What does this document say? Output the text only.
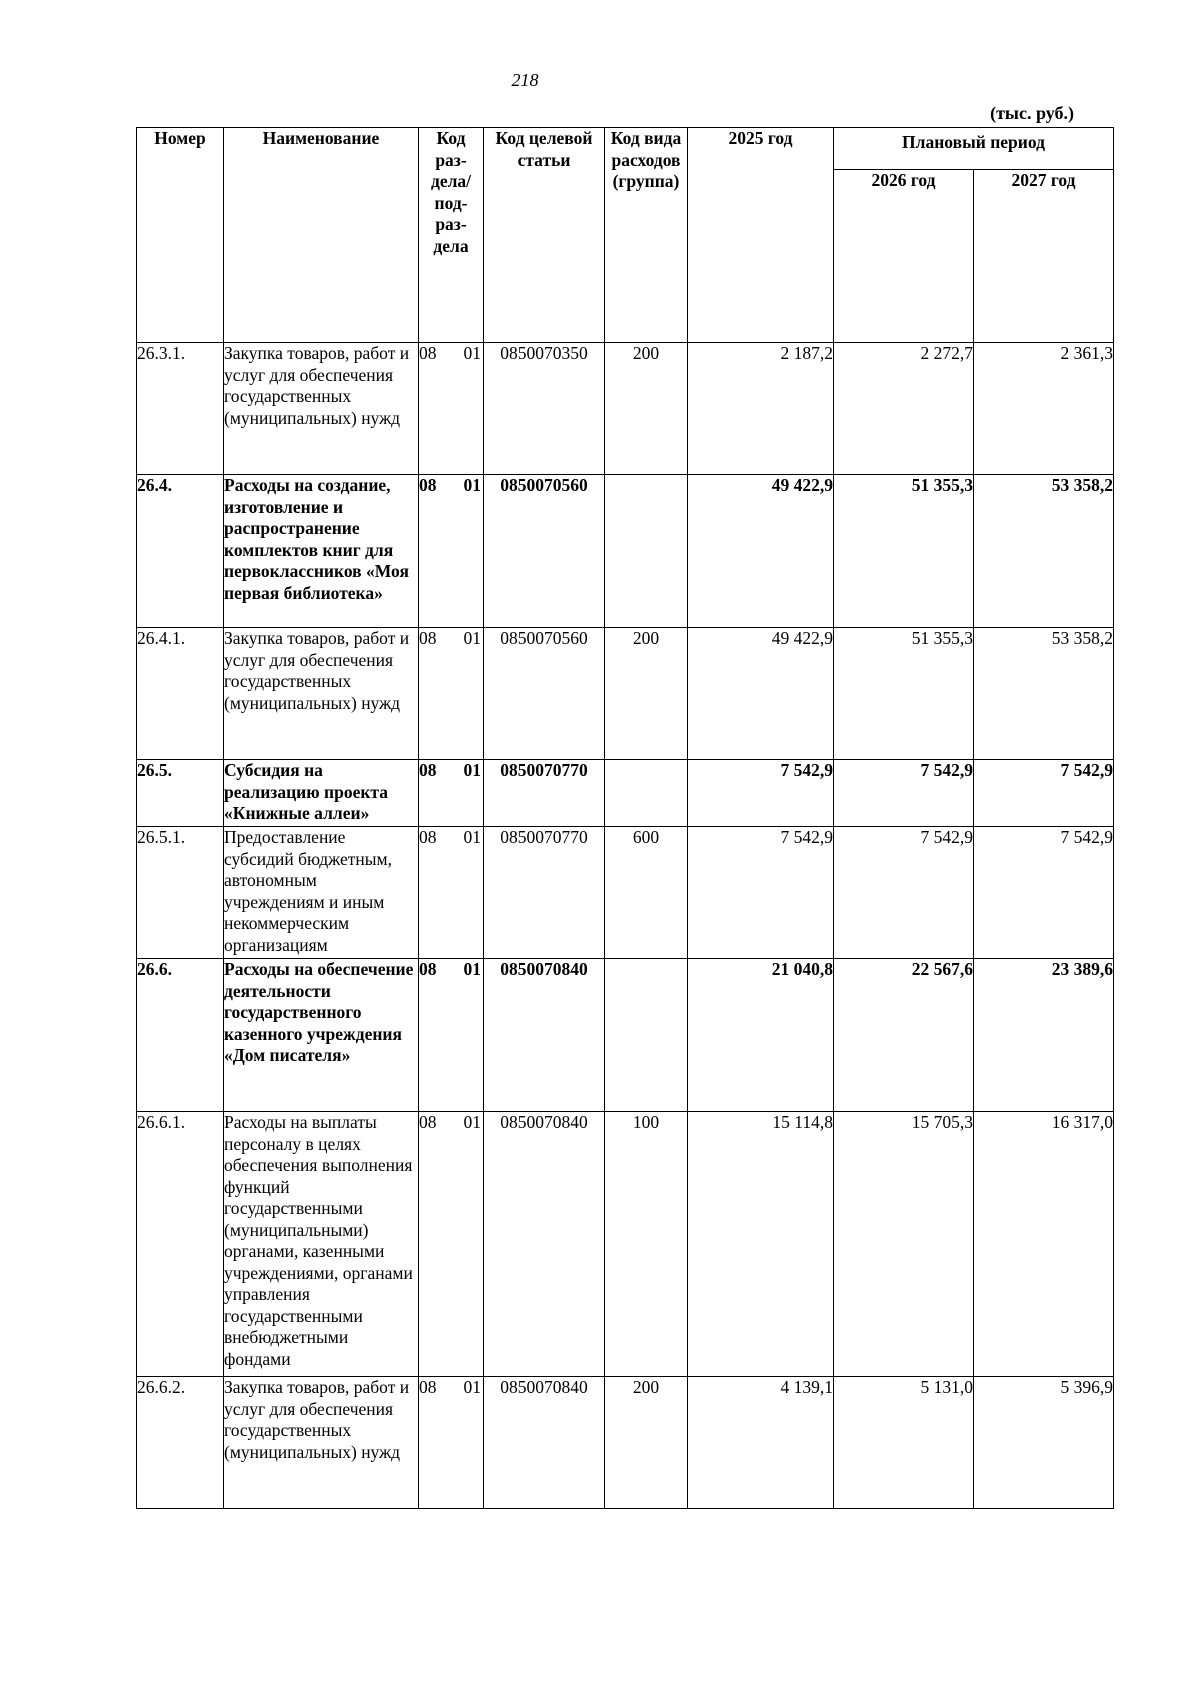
218
(тыс. руб.)
Номер	Наименование	Код раз- дела/ под- раз- дела	Код целевой статьи	Код вида расходов (группа)	2025 год	Плановый период	
						2026 год	2027 год
26.3.1.	Закупка товаров, работ и услуг для обеспечения государственных (муниципальных) нужд	08 01	0850070350	200	2 187,2	2 272,7	2 361,3
26.4.	Расходы на создание, изготовление и распространение комплектов книг для первоклассников «Моя первая библиотека»	08 01	0850070560		49 422,9	51 355,3	53 358,2
26.4.1.	Закупка товаров, работ и услуг для обеспечения государственных (муниципальных) нужд	08 01	0850070560	200	49 422,9	51 355,3	53 358,2
26.5.	Субсидия на реализацию проекта «Книжные аллеи»	08 01	0850070770		7 542,9	7 542,9	7 542,9
26.5.1.	Предоставление субсидий бюджетным, автономным учреждениям и иным некоммерческим организациям	08 01	0850070770	600	7 542,9	7 542,9	7 542,9
26.6.	Расходы на обеспечение деятельности государственного казенного учреждения «Дом писателя»	08 01	0850070840		21 040,8	22 567,6	23 389,6
26.6.1.	Расходы на выплаты персоналу в целях обеспечения выполнения функций государственными (муниципальными) органами, казенными учреждениями, органами управления государственными внебюджетными фондами	08 01	0850070840	100	15 114,8	15 705,3	16 317,0
26.6.2.	Закупка товаров, работ и услуг для обеспечения государственных (муниципальных) нужд	08 01	0850070840	200	4 139,1	5 131,0	5 396,9
